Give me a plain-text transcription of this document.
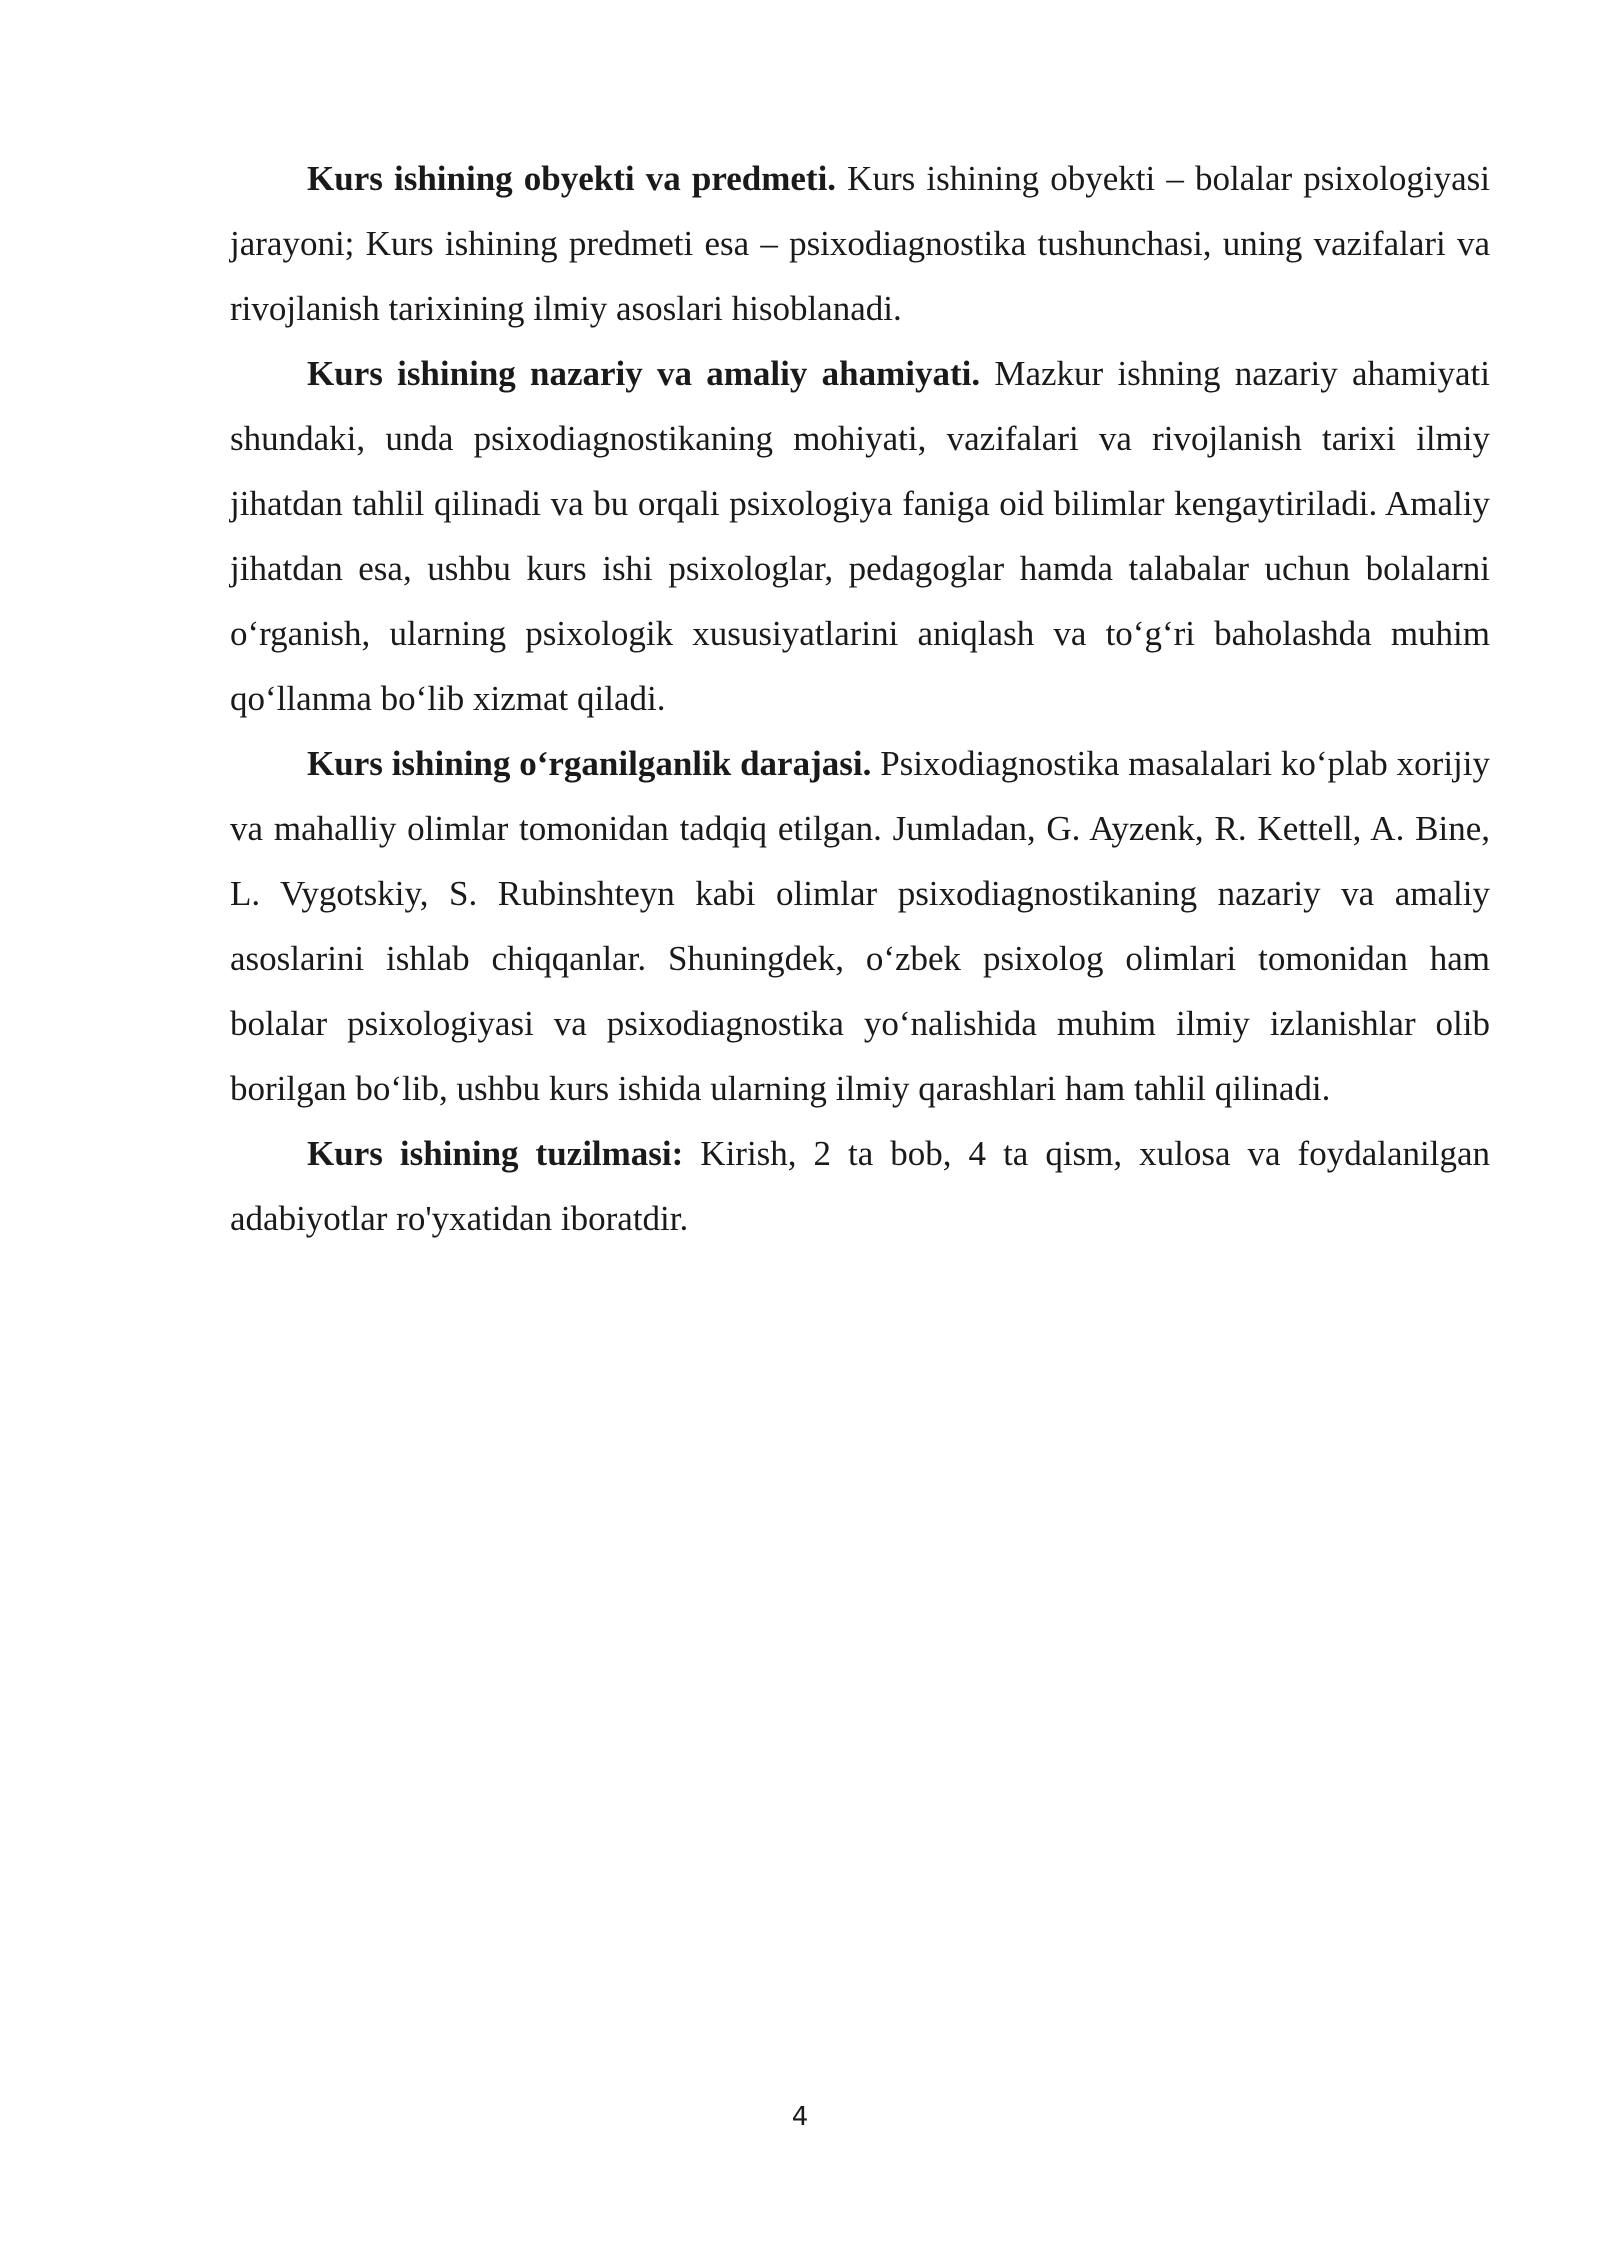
Kurs ishining obyekti va predmeti. Kurs ishining obyekti – bolalar psixologiyasi jarayoni; Kurs ishining predmeti esa – psixodiagnostika tushunchasi, uning vazifalari va rivojlanish tarixining ilmiy asoslari hisoblanadi.

Kurs ishining nazariy va amaliy ahamiyati. Mazkur ishning nazariy ahamiyati shundaki, unda psixodiagnostikaning mohiyati, vazifalari va rivojlanish tarixi ilmiy jihatdan tahlil qilinadi va bu orqali psixologiya faniga oid bilimlar kengaytiriladi. Amaliy jihatdan esa, ushbu kurs ishi psixologlar, pedagoglar hamda talabalar uchun bolalarni o‘rganish, ularning psixologik xususiyatlarini aniqlash va to‘g‘ri baholashda muhim qo‘llanma bo‘lib xizmat qiladi.

Kurs ishining o‘rganilganlik darajasi. Psixodiagnostika masalalari ko‘plab xorijiy va mahalliy olimlar tomonidan tadqiq etilgan. Jumladan, G. Ayzenk, R. Kettell, A. Bine, L. Vygotskiy, S. Rubinshteyn kabi olimlar psixodiagnostikaning nazariy va amaliy asoslarini ishlab chiqqanlar. Shuningdek, o‘zbek psixolog olimlari tomonidan ham bolalar psixologiyasi va psixodiagnostika yo‘nalishida muhim ilmiy izlanishlar olib borilgan bo‘lib, ushbu kurs ishida ularning ilmiy qarashlari ham tahlil qilinadi.

Kurs ishining tuzilmasi: Kirish, 2 ta bob, 4 ta qism, xulosa va foydalanilgan adabiyotlar ro'yxatidan iboratdir.

4
